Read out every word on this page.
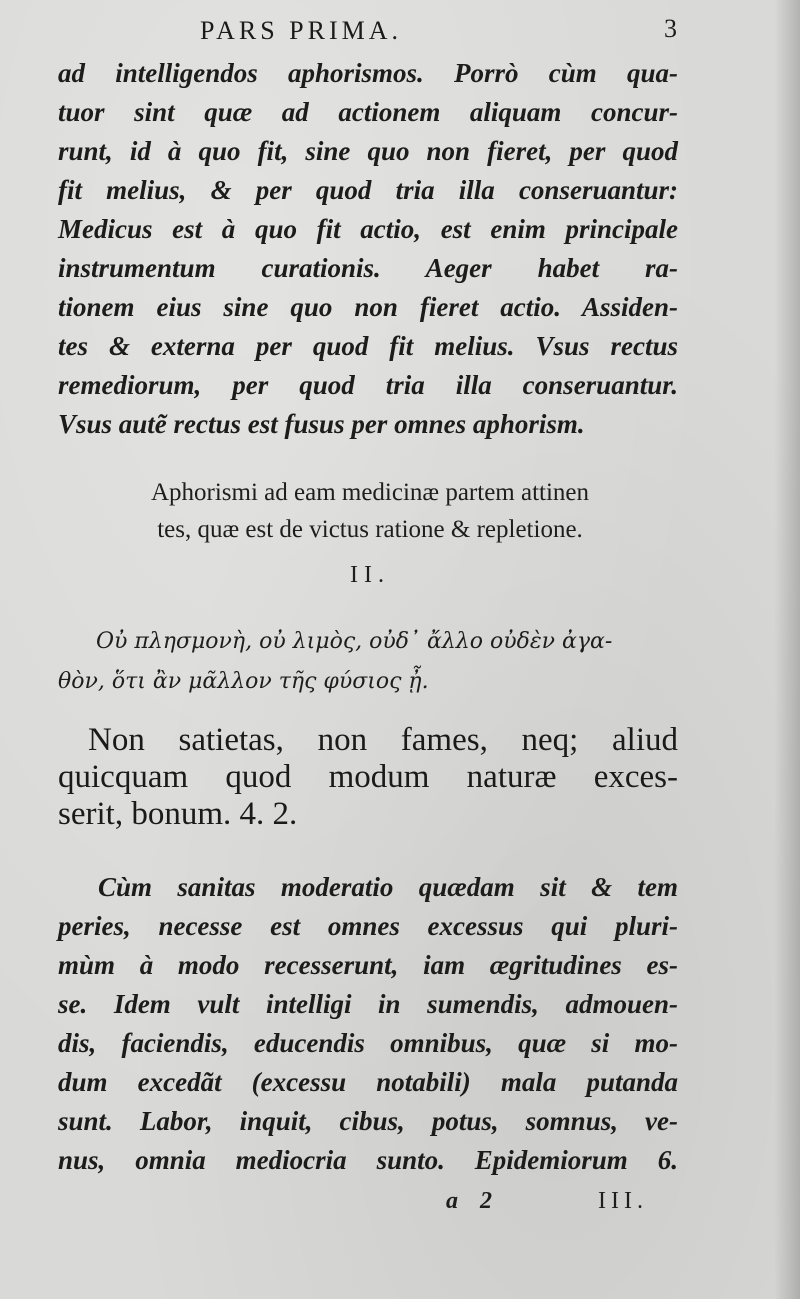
PARS PRIMA.	3
ad intelligendos aphorismos. Porrò cùm qua-
tuor sint quæ ad actionem aliquam concur-
runt, id à quo fit, sine quo non fieret, per quod
fit melius, & per quod tria illa conseruantur:
Medicus est à quo fit actio, est enim principale
instrumentum curationis. Aeger habet ra-
tionem eius sine quo non fieret actio. Assiden-
tes & externa per quod fit melius. Vsus rectus
remediorum, per quod tria illa conseruantur.
Vsus autẽ rectus est fusus per omnes aphorism.
Aphorismi ad eam medicinæ partem attinen
tes, quæ est de victus ratione & repletione.
II.
Οὐ πλησμονὴ, οὐ λιμὸς, οὐδ᾽ ἄλλο οὐδὲν ἀγα-
θὸν, ὅτι ἂν μᾶλλον τῆς φύσιος ᾖ.
Non satietas, non fames, neq; aliud
quicquam quod modum naturæ exces-
serit, bonum. 4. 2.
Cùm sanitas moderatio quædam sit & tem
peries, necesse est omnes excessus qui pluri-
mùm à modo recesserunt, iam ægritudines es-
se. Idem vult intelligi in sumendis, admouen-
dis, faciendis, educendis omnibus, quæ si mo-
dum excedãt (excessu notabili) mala putanda
sunt. Labor, inquit, cibus, potus, somnus, ve-
nus, omnia mediocria sunto. Epidemiorum 6.
a 2	III.
